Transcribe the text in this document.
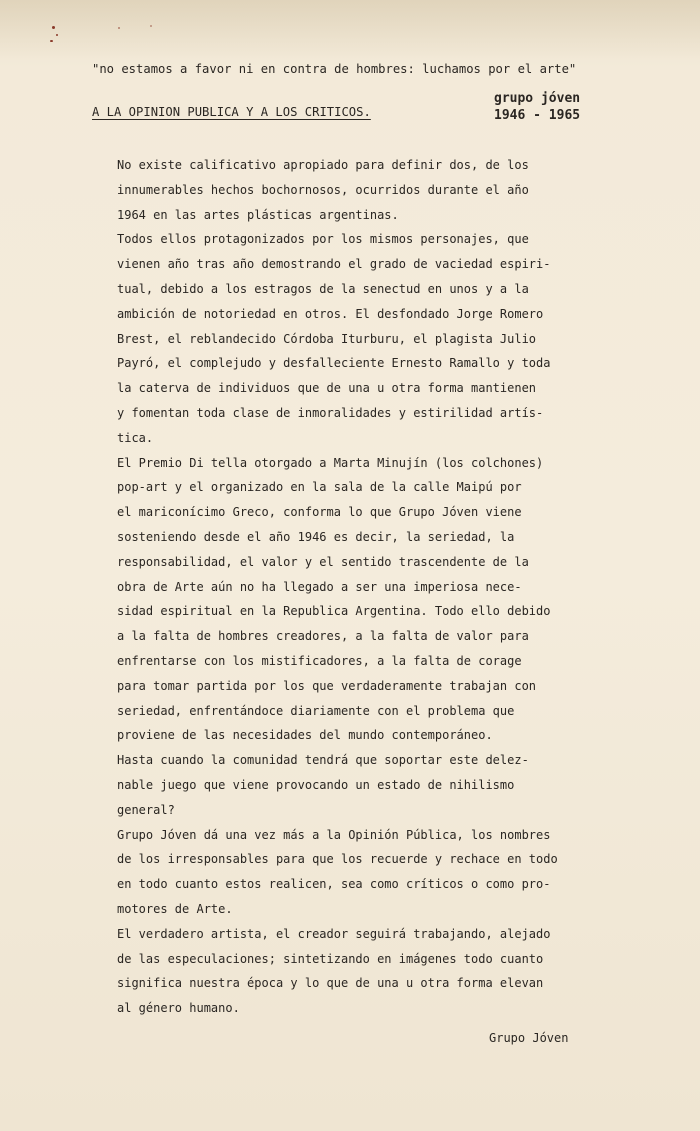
"no estamos a favor ni en contra de hombres: luchamos por el arte"
A LA OPINION PUBLICA Y A LOS CRITICOS.
grupo jóven
1946 - 1965
No existe calificativo apropiado para definir dos, de los
innumerables hechos bochornosos, ocurridos durante el año
1964 en las artes plásticas argentinas.
Todos ellos protagonizados por los mismos personajes, que
vienen año tras año demostrando el grado de vaciedad espiri-
tual, debido a los estragos de la senectud en unos y a la
ambición de notoriedad en otros. El desfondado Jorge Romero
Brest, el reblandecido Córdoba Iturburu, el plagista Julio
Payró, el complejudo y desfalleciente Ernesto Ramallo y toda
la caterva de individuos que de una u otra forma mantienen
y fomentan toda clase de inmoralidades y estirilidad artís-
tica.
El Premio Di tella otorgado a Marta Minujín (los colchones)
pop-art y el organizado en la sala de la calle Maipú por
el mariconícimo Greco, conforma lo que Grupo Jóven viene
sosteniendo desde el año 1946 es decir, la seriedad, la
responsabilidad, el valor y el sentido trascendente de la
obra de Arte aún no ha llegado a ser una imperiosa nece-
sidad espiritual en la Republica Argentina. Todo ello debido
a la falta de hombres creadores, a la falta de valor para
enfrentarse con los mistificadores, a la falta de corage
para tomar partida por los que verdaderamente trabajan con
seriedad, enfrentándoce diariamente con el problema que
proviene de las necesidades del mundo contemporáneo.
Hasta cuando la comunidad tendrá que soportar este delez-
nable juego que viene provocando un estado de nihilismo
general?
Grupo Jóven dá una vez más a la Opinión Pública, los nombres
de los irresponsables para que los recuerde y rechace en todo
en todo cuanto estos realicen, sea como críticos o como pro-
motores de Arte.
El verdadero artista, el creador seguirá trabajando, alejado
de las especulaciones; sintetizando en imágenes todo cuanto
significa nuestra época y lo que de una u otra forma elevan
al género humano.
Grupo Jóven
